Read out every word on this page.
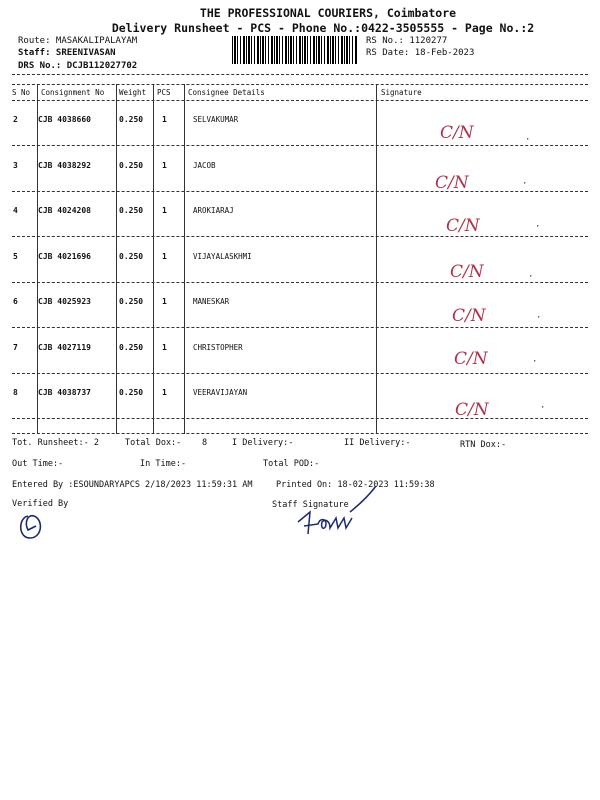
THE PROFESSIONAL COURIERS, Coimbatore
Delivery Runsheet - PCS - Phone No.:0422-3505555 - Page No.:2
Route: MASAKALIPALAYAM
Staff: SREENIVASAN
DRS No.: DCJB112027702
RS No.: 1120277
RS Date: 18-Feb-2023
S No Consignment No Weight PCS Consignee Details	Signature
2	CJB 4038660	0.250 1	SELVAKUMAR
C/N	·
3	CJB 4038292	0.250 1	JACOB
C/N	·
4	CJB 4024208	0.250 1	AROKIARAJ
C/N	·
5	CJB 4021696	0.250 1	VIJAYALASKHMI
C/N	·
6	CJB 4025923	0.250 1	MANESKAR
C/N	·
7	CJB 4027119	0.250 1	CHRISTOPHER
C/N	·
8	CJB 4038737	0.250 1	VEERAVIJAYAN
C/N	·
Tot. Runsheet:- 2	Total Dox:- 8	I Delivery:-	II Delivery:-	RTN Dox:-
Out Time:-	In Time:-	Total POD:-
Entered By :ESOUNDARYAPCS 2/18/2023 11:59:31 AM	Printed On: 18-02-2023 11:59:38
Verified By	Staff Signature
